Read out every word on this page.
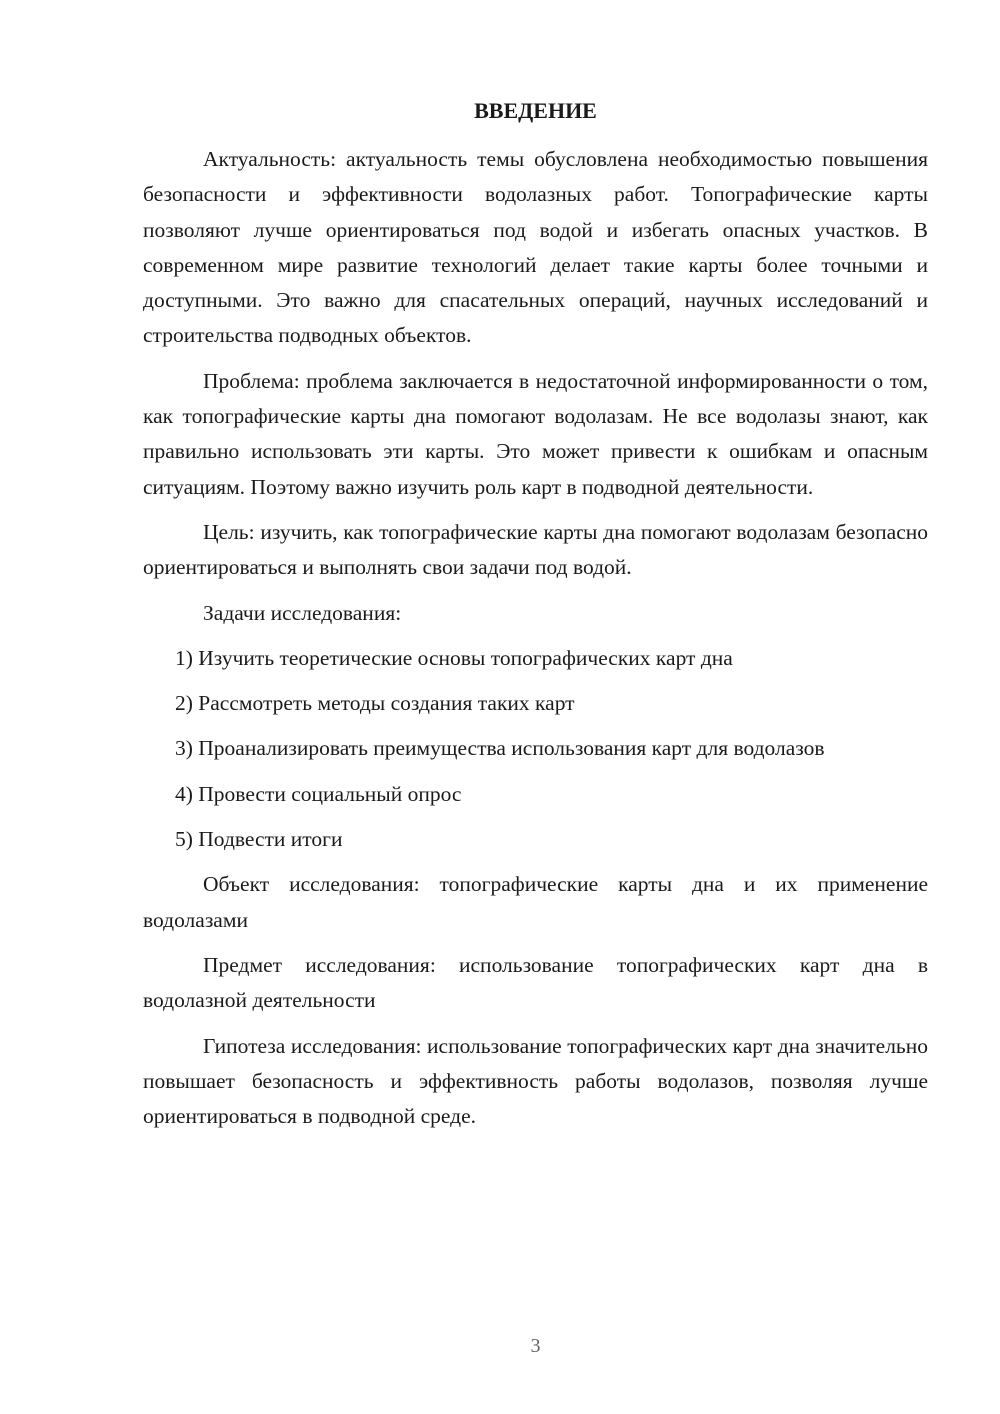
ВВЕДЕНИЕ

Актуальность: актуальность темы обусловлена необходимостью повышения безопасности и эффективности водолазных работ. Топографические карты позволяют лучше ориентироваться под водой и избегать опасных участков. В современном мире развитие технологий делает такие карты более точными и доступными. Это важно для спасательных операций, научных исследований и строительства подводных объектов.

Проблема: проблема заключается в недостаточной информированности о том, как топографические карты дна помогают водолазам. Не все водолазы знают, как правильно использовать эти карты. Это может привести к ошибкам и опасным ситуациям. Поэтому важно изучить роль карт в подводной деятельности.

Цель: изучить, как топографические карты дна помогают водолазам безопасно ориентироваться и выполнять свои задачи под водой.

Задачи исследования:

1) Изучить теоретические основы топографических карт дна

2) Рассмотреть методы создания таких карт

3) Проанализировать преимущества использования карт для водолазов

4) Провести социальный опрос

5) Подвести итоги

Объект исследования: топографические карты дна и их применение водолазами

Предмет исследования: использование топографических карт дна в водолазной деятельности

Гипотеза исследования: использование топографических карт дна значительно повышает безопасность и эффективность работы водолазов, позволяя лучше ориентироваться в подводной среде.

3
